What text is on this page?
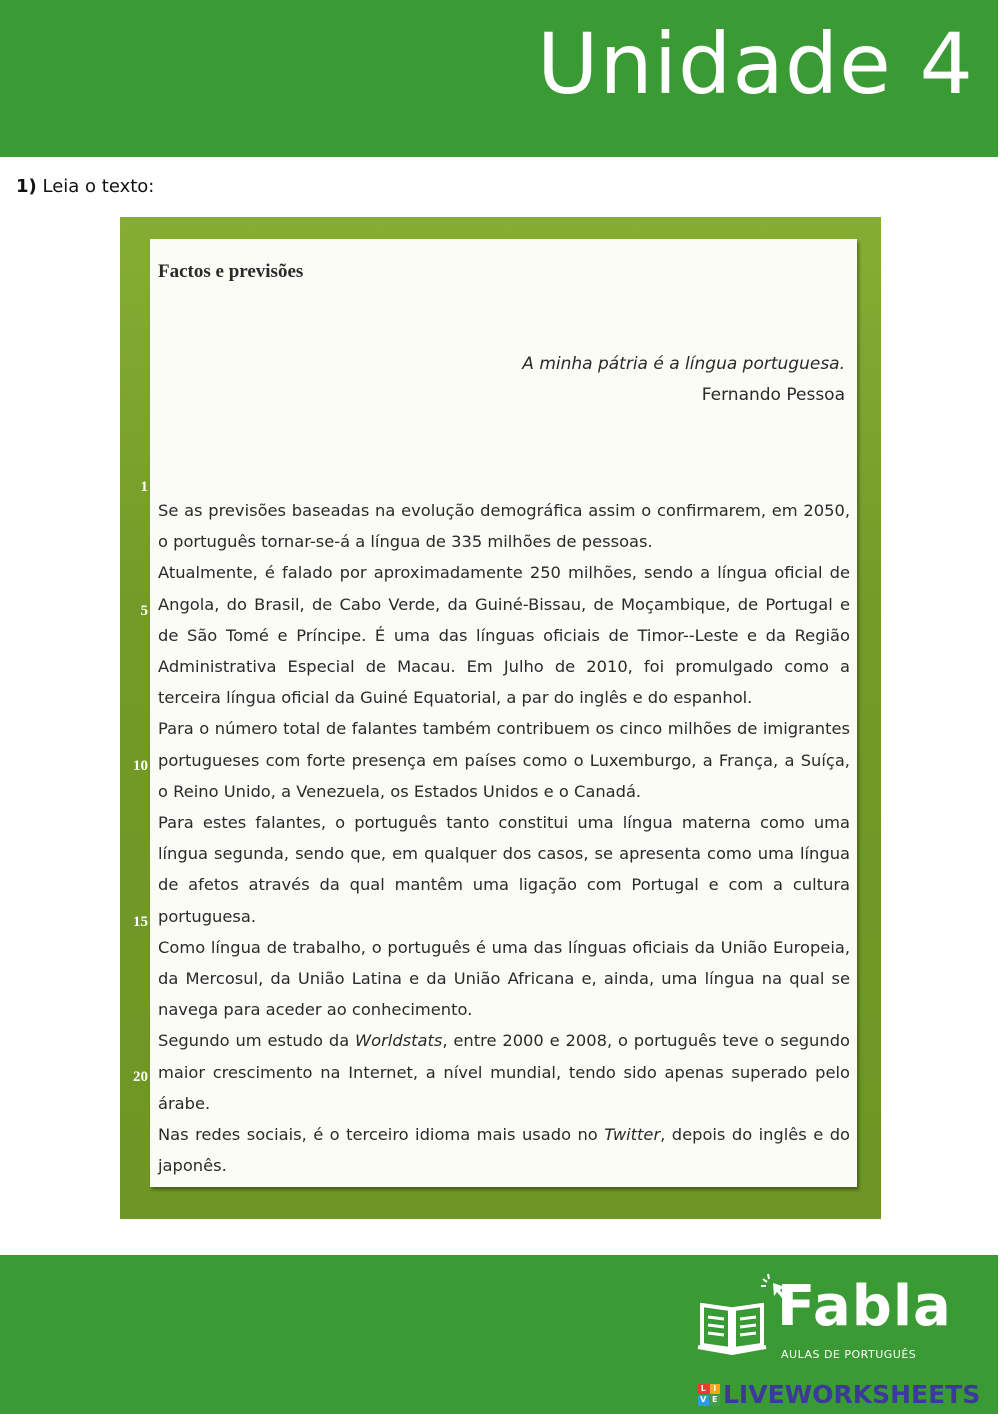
Unidade 4
1) Leia o texto:
1
5
10
15
20
Factos e previsões
A minha pátria é a língua portuguesa.
Fernando Pessoa

Se as previsões baseadas na evolução demográfica assim o confirmarem, em 2050, o português tornar-se-á a língua de 335 milhões de pessoas.

Atualmente, é falado por aproximadamente 250 milhões, sendo a língua oficial de Angola, do Brasil, de Cabo Verde, da Guiné-Bissau, de Moçambique, de Portugal e de São Tomé e Príncipe. É uma das línguas oficiais de Timor--Leste e da Região Administrativa Especial de Macau. Em Julho de 2010, foi promulgado como a terceira língua oficial da Guiné Equatorial, a par do inglês e do espanhol.

Para o número total de falantes também contribuem os cinco milhões de imigrantes portugueses com forte presença em países como o Luxemburgo, a França, a Suíça, o Reino Unido, a Venezuela, os Estados Unidos e o Canadá.

Para estes falantes, o português tanto constitui uma língua materna como uma língua segunda, sendo que, em qualquer dos casos, se apresenta como uma língua de afetos através da qual mantêm uma ligação com Portugal e com a cultura portuguesa.

Como língua de trabalho, o português é uma das línguas oficiais da União Europeia, da Mercosul, da União Latina e da União Africana e, ainda, uma língua na qual se navega para aceder ao conhecimento.

Segundo um estudo da Worldstats, entre 2000 e 2008, o português teve o segundo maior crescimento na Internet, a nível mundial, tendo sido apenas superado pelo árabe.

Nas redes sociais, é o terceiro idioma mais usado no Twitter, depois do inglês e do japonês.

Fabla
AULAS DE PORTUGUÊS
L I
V E LIVEWORKSHEETS
